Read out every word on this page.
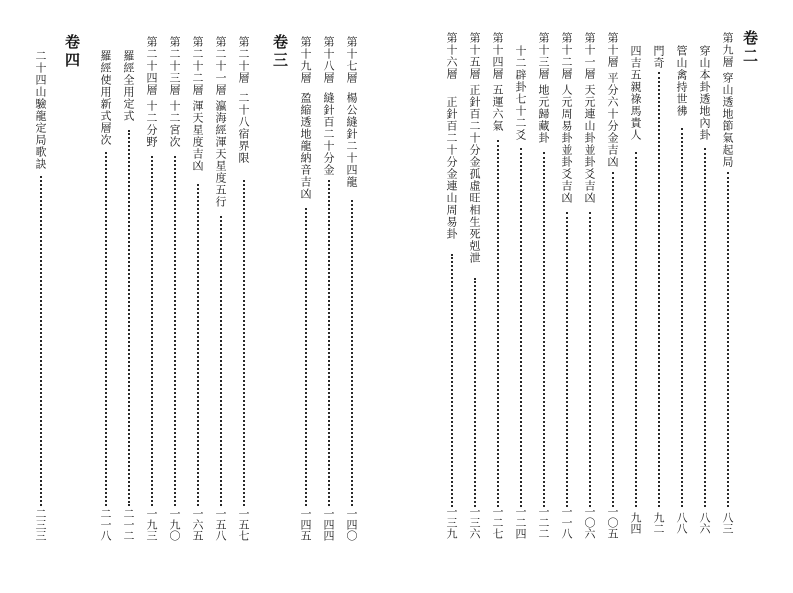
卷二
第九層
穿山透地節氣起局
八三
穿山本卦透地內卦
八六
管山禽持世彿
八八
門奇
九二
四吉五親祿馬貴人
九四
第十層
平分六十分金吉凶
一〇五
第十一層
天元連山卦並卦爻吉凶
一〇六
第十二層
人元周易卦並卦爻吉凶
一一八
第十三層
地元歸藏卦
一二二
十二辟卦七十二爻
一二四
第十四層
五運六氣
一二七
第十五層
正針百二十分金孤虛旺相生死剋泄
一三六
第十六層
正針百二十分金連山周易卦
一三九
卷三	第十七層
楊公縫針二十四龍
一四〇
第十八層
縫針百二十分金
一四四
第十九層
盈縮透地龍納音吉凶
一四五
第二十層
二十八宿界限
一五七
第二十一層
瀛海經渾天星度五行
一五八
第二十二層
渾天星度吉凶
一六五
第二十三層
十二宮次
一九〇
第二十四層
十二分野
一九三
羅經全用定式
二一二
羅經使用新式層次
二一八
卷四
二十四山驗龍定局歌訣
二三三
